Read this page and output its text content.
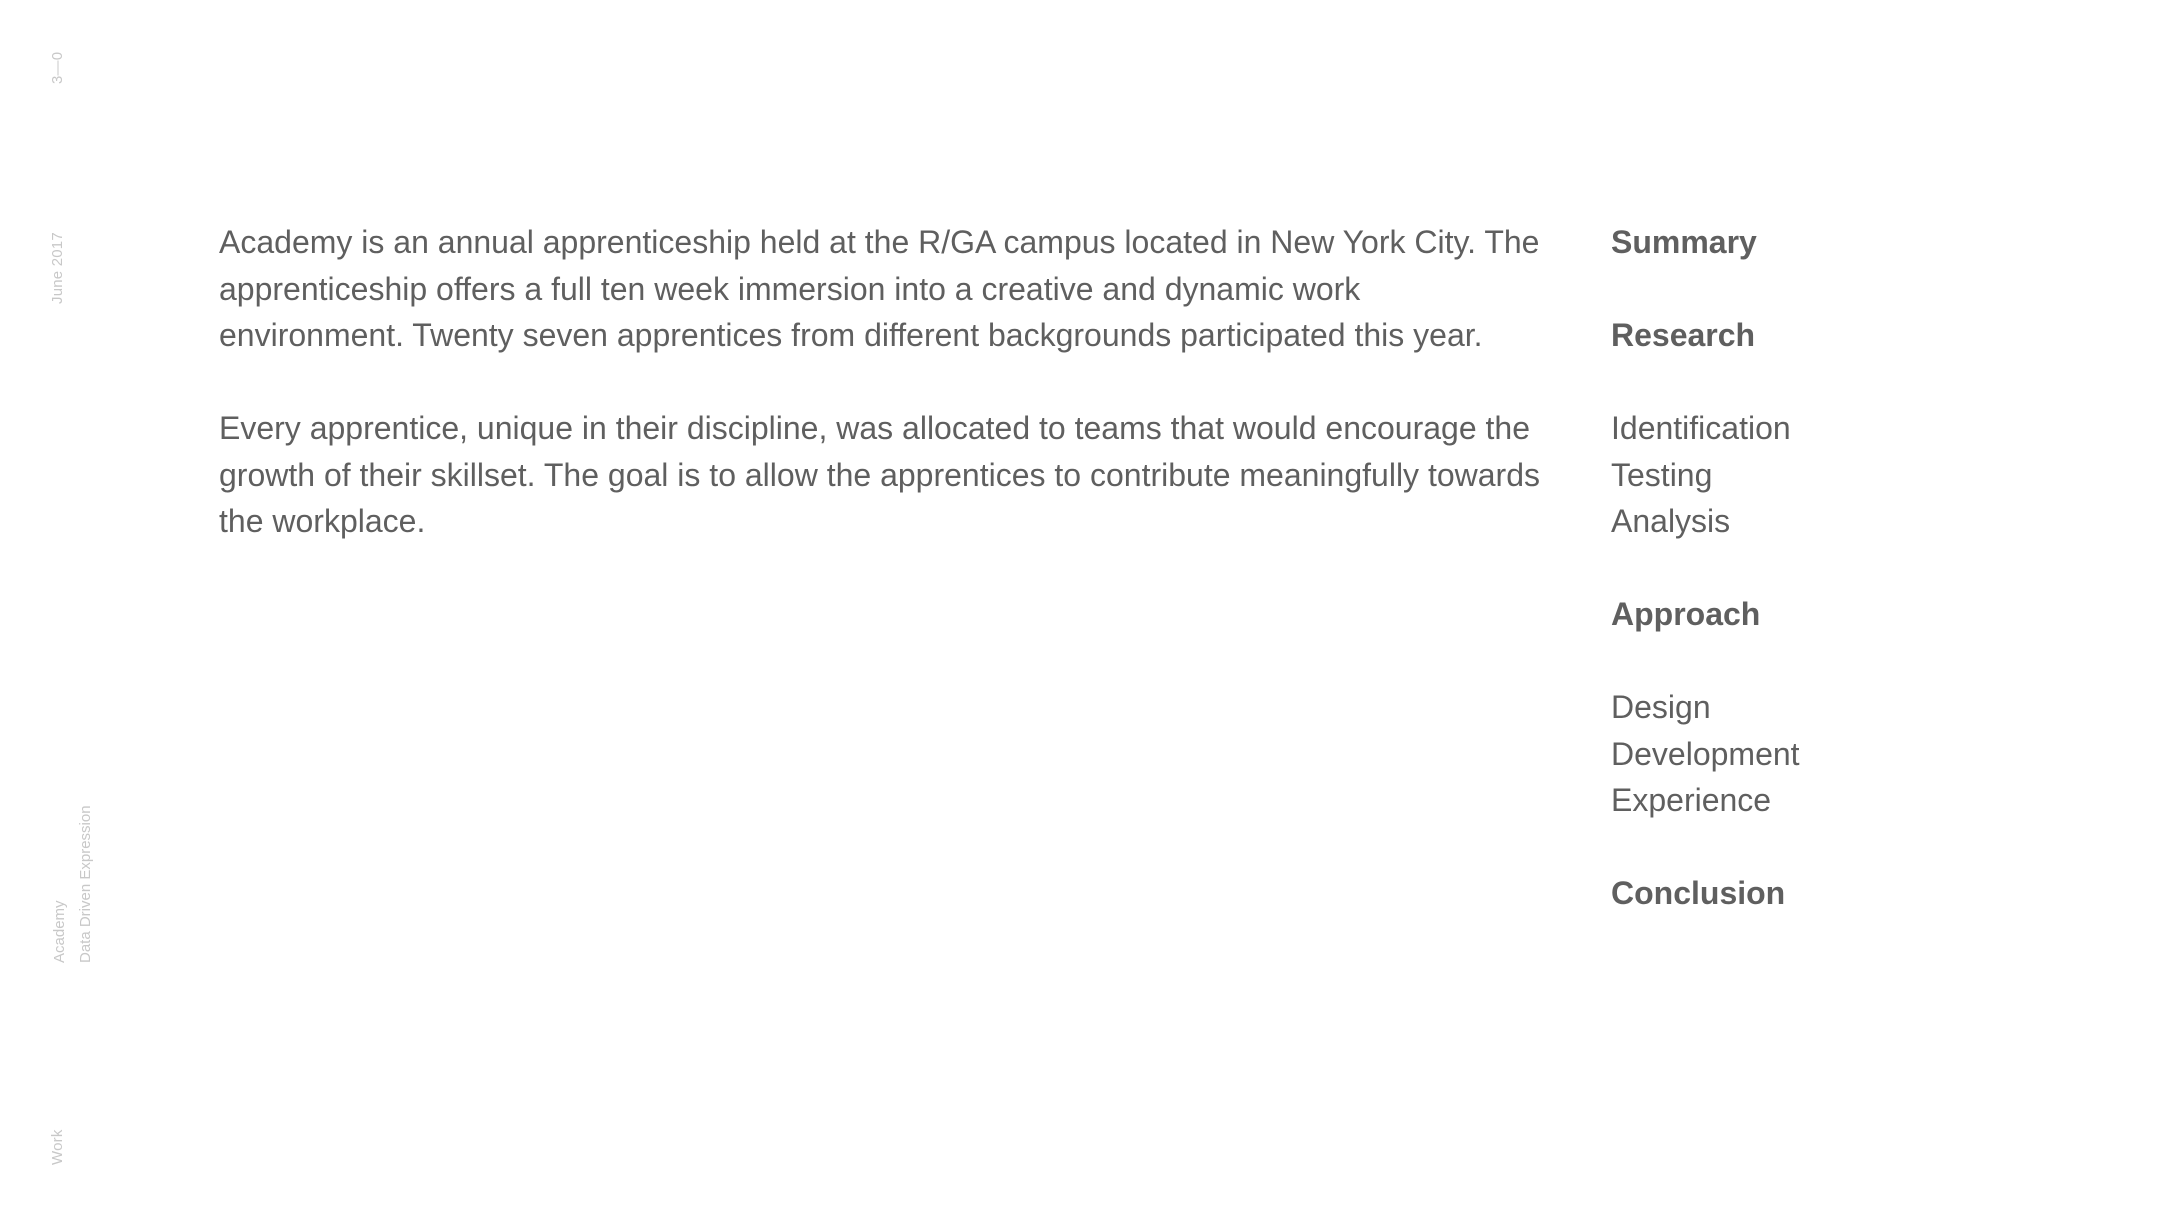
3—0
June 2017
Academy Data Driven Expression
Work

Academy is an annual apprenticeship held at the R/GA campus located in New York City. The apprenticeship offers a full ten week immersion into a creative and dynamic work environment. Twenty seven apprentices from different backgrounds participated this year.

Every apprentice, unique in their discipline, was allocated to teams that would encourage the growth of their skillset. The goal is to allow the apprentices to contribute meaningfully towards the workplace.

Summary
Research
Identification
Testing
Analysis
Approach
Design
Development
Experience
Conclusion
